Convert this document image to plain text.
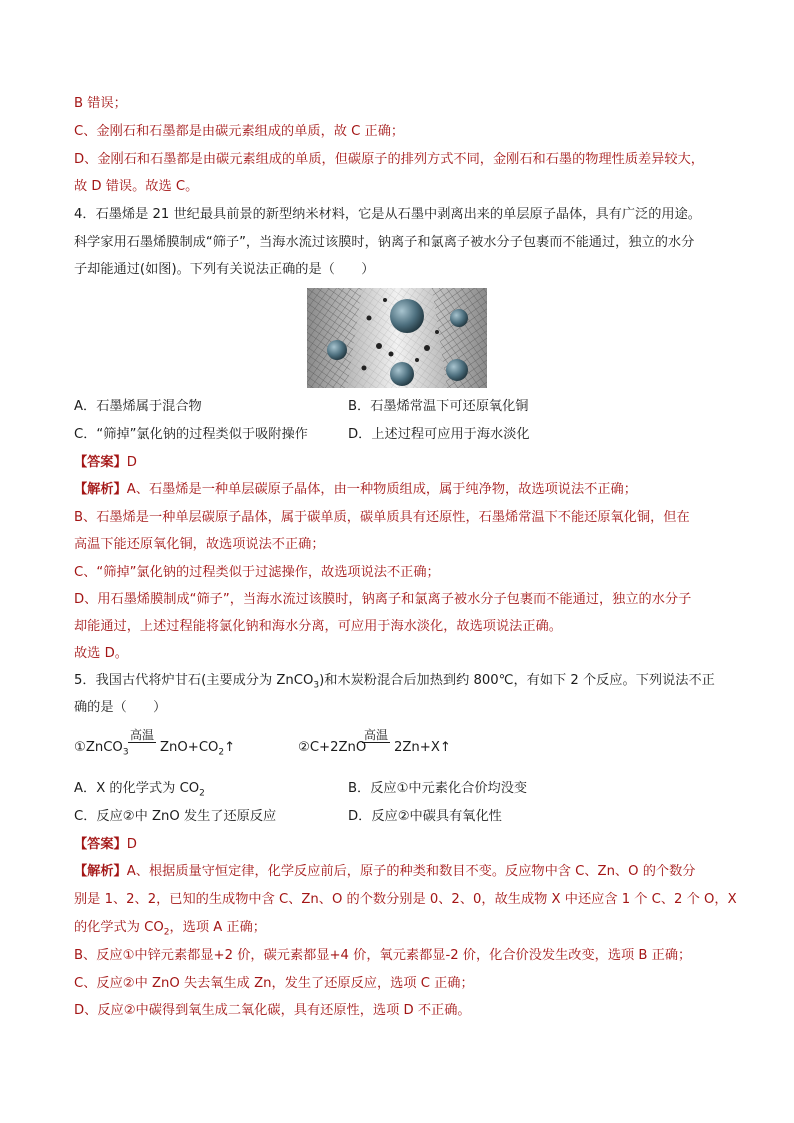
B 错误；
C、金刚石和石墨都是由碳元素组成的单质，故 C 正确；
D、金刚石和石墨都是由碳元素组成的单质，但碳原子的排列方式不同，金刚石和石墨的物理性质差异较大，
故 D 错误。故选 C。
4．石墨烯是 21 世纪最具前景的新型纳米材料，它是从石墨中剥离出来的单层原子晶体，具有广泛的用途。
科学家用石墨烯膜制成“筛子”，当海水流过该膜时，钠离子和氯离子被水分子包裹而不能通过，独立的水分
子却能通过(如图)。下列有关说法正确的是（　　）
A．石墨烯属于混合物	B．石墨烯常温下可还原氧化铜
C．“筛掉”氯化钠的过程类似于吸附操作	D．上述过程可应用于海水淡化
【答案】D
【解析】A、石墨烯是一种单层碳原子晶体，由一种物质组成，属于纯净物，故选项说法不正确；
B、石墨烯是一种单层碳原子晶体，属于碳单质，碳单质具有还原性，石墨烯常温下不能还原氧化铜，但在
高温下能还原氧化铜，故选项说法不正确；
C、“筛掉”氯化钠的过程类似于过滤操作，故选项说法不正确；
D、用石墨烯膜制成“筛子”，当海水流过该膜时，钠离子和氯离子被水分子包裹而不能通过，独立的水分子
却能通过，上述过程能将氯化钠和海水分离，可应用于海水淡化，故选项说法正确。
故选 D。
5．我国古代将炉甘石(主要成分为 ZnCO$_3$)和木炭粉混合后加热到约 800℃，有如下 2 个反应。下列说法不正
确的是（　　）
①ZnCO$_3$
高温
$ZnO+CO_2↑$	②C+2ZnO
高温
2Zn+X↑
A．X 的化学式为 $CO_2$	B．反应①中元素化合价均没变
C．反应②中 ZnO 发生了还原反应	D．反应②中碳具有氧化性
【答案】D
【解析】A、根据质量守恒定律，化学反应前后，原子的种类和数目不变。反应物中含 C、Zn、O 的个数分
别是 1、2、2，已知的生成物中含 C、Zn、O 的个数分别是 0、2、0，故生成物 X 中还应含 1 个 C、2 个 O，X
的化学式为 $CO_2$，选项 A 正确；
B、反应①中锌元素都显+2 价，碳元素都显+4 价，氧元素都显-2 价，化合价没发生改变，选项 B 正确；
C、反应②中 ZnO 失去氧生成 Zn，发生了还原反应，选项 C 正确；
D、反应②中碳得到氧生成二氧化碳，具有还原性，选项 D 不正确。
